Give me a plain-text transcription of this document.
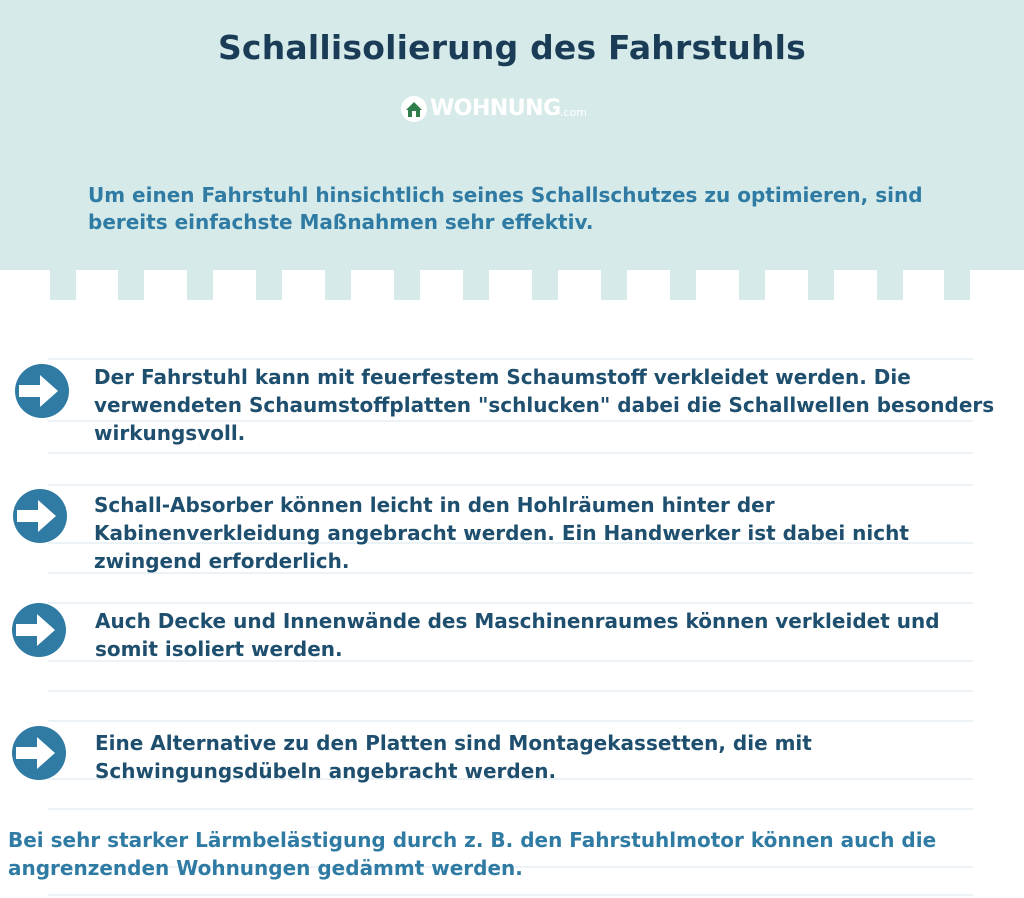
Schallisolierung des Fahrstuhls
WOHNUNG .com
Um einen Fahrstuhl hinsichtlich seines Schallschutzes zu optimieren, sind bereits einfachste Maßnahmen sehr effektiv.
Der Fahrstuhl kann mit feuerfestem Schaumstoff verkleidet werden. Die verwendeten Schaumstoffplatten "schlucken" dabei die Schallwellen besonders wirkungsvoll.
Schall-Absorber können leicht in den Hohlräumen hinter der Kabinenverkleidung angebracht werden. Ein Handwerker ist dabei nicht zwingend erforderlich.
Auch Decke und Innenwände des Maschinenraumes können verkleidet und somit isoliert werden.
Eine Alternative zu den Platten sind Montagekassetten, die mit Schwingungsdübeln angebracht werden.
Bei sehr starker Lärmbelästigung durch z. B. den Fahrstuhlmotor können auch die angrenzenden Wohnungen gedämmt werden.
